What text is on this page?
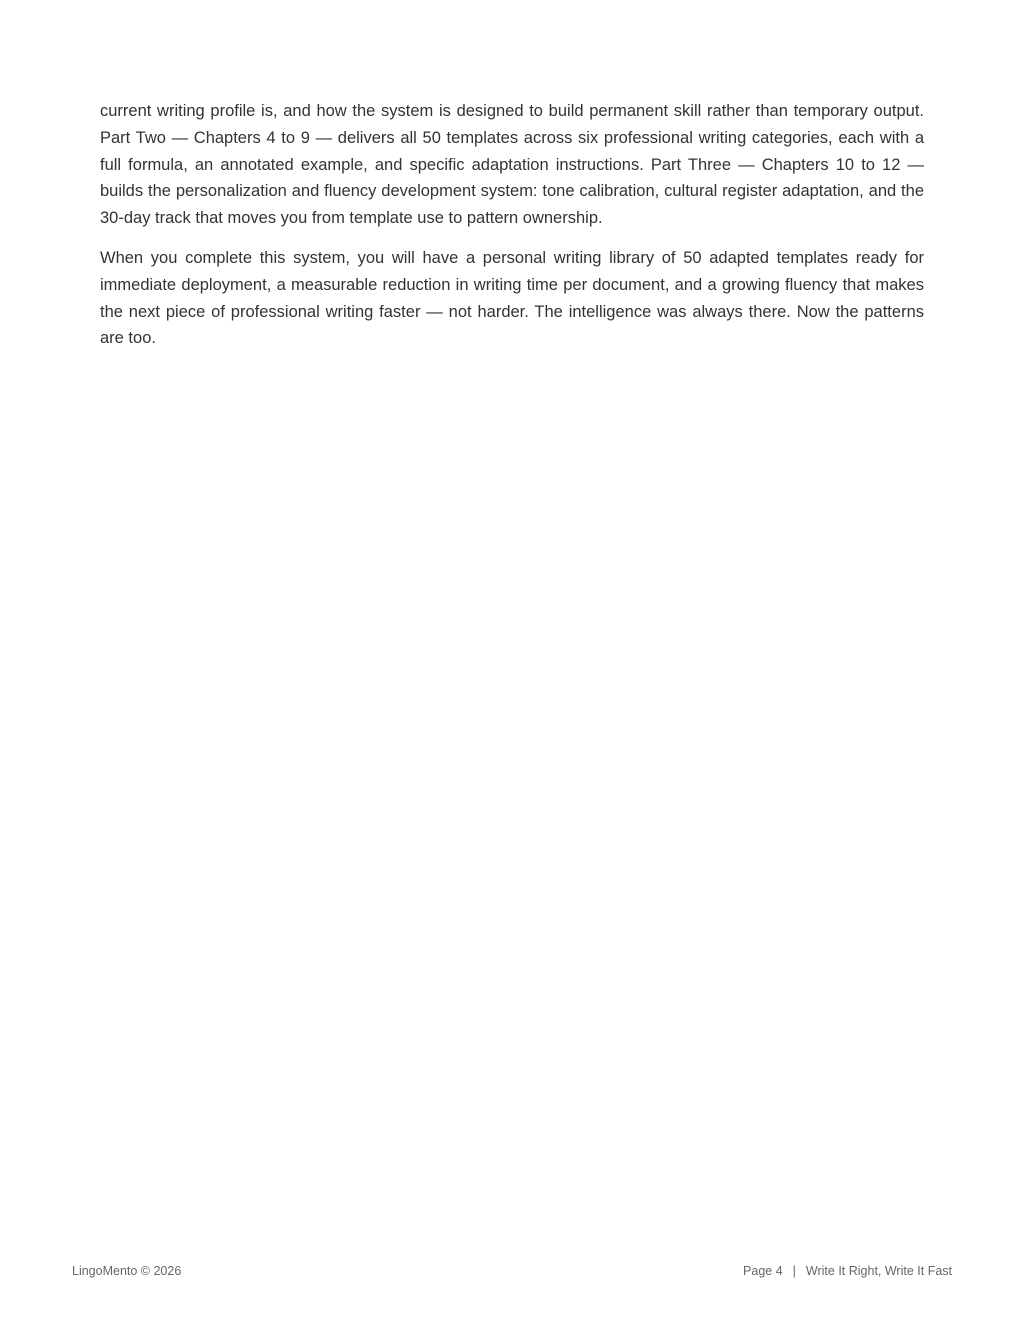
current writing profile is, and how the system is designed to build permanent skill rather than temporary output. Part Two — Chapters 4 to 9 — delivers all 50 templates across six professional writing categories, each with a full formula, an annotated example, and specific adaptation instructions. Part Three — Chapters 10 to 12 — builds the personalization and fluency development system: tone calibration, cultural register adaptation, and the 30-day track that moves you from template use to pattern ownership.

When you complete this system, you will have a personal writing library of 50 adapted templates ready for immediate deployment, a measurable reduction in writing time per document, and a growing fluency that makes the next piece of professional writing faster — not harder. The intelligence was always there. Now the patterns are too.

LingoMento © 2026	Page 4 | Write It Right, Write It Fast
